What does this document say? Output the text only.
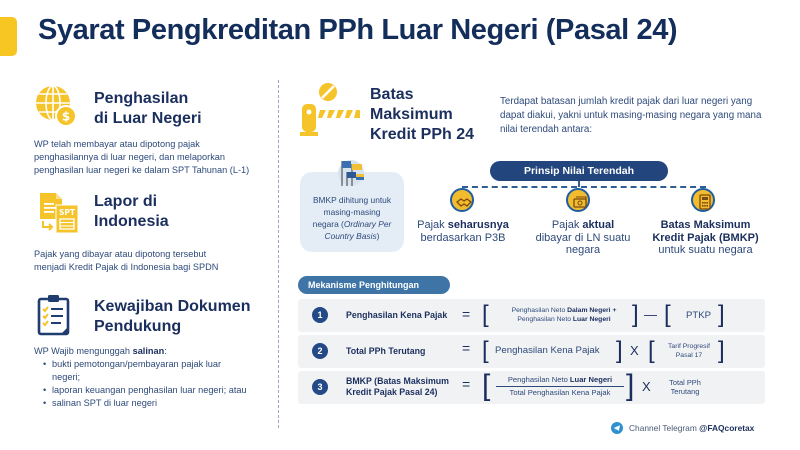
Syarat Pengkreditan PPh Luar Negeri (Pasal 24)
$
Penghasilan
di Luar Negeri
WP telah membayar atau dipotong pajak
penghasilannya di luar negeri, dan melaporkan
penghasilan luar negeri ke dalam SPT Tahunan (L-1)
SPT
Lapor di
Indonesia
Pajak yang dibayar atau dipotong tersebut
menjadi Kredit Pajak di Indonesia bagi SPDN
Kewajiban Dokumen
Pendukung
WP Wajib mengunggah salinan:
• bukti pemotongan/pembayaran pajak luar negeri;
• laporan keuangan penghasilan luar negeri; atau
• salinan SPT di luar negeri
Batas
Maksimum
Kredit PPh 24
Terdapat batasan jumlah kredit pajak dari luar negeri yang dapat diakui, yakni untuk masing-masing negara yang mana nilai terendah antara:
BMKP dihitung untuk
masing-masing
negara (Ordinary Per
Country Basis)
Prinsip Nilai Terendah
Pajak seharusnya
berdasarkan P3B
Pajak aktual
dibayar di LN suatu
negara
Batas Maksimum
Kredit Pajak (BMKP)
untuk suatu negara
Mekanisme Penghitungan
1	Penghasilan Kena Pajak = [	Penghasilan Neto Dalam Negeri +
Penghasilan Neto Luar Negeri ] — [ PTKP ]
2	Total PPh Terutang	= [ Penghasilan Kena Pajak ] X [	Tarif Progresif
Pasal 17 ]
3
BMKP (Batas Maksimum
Kredit Pajak Pasal 24)	= [	Penghasilan Neto Luar Negeri
Total Penghasilan Kena Pajak ] X	Total PPh
Terutang
Channel Telegram @FAQcoretax
